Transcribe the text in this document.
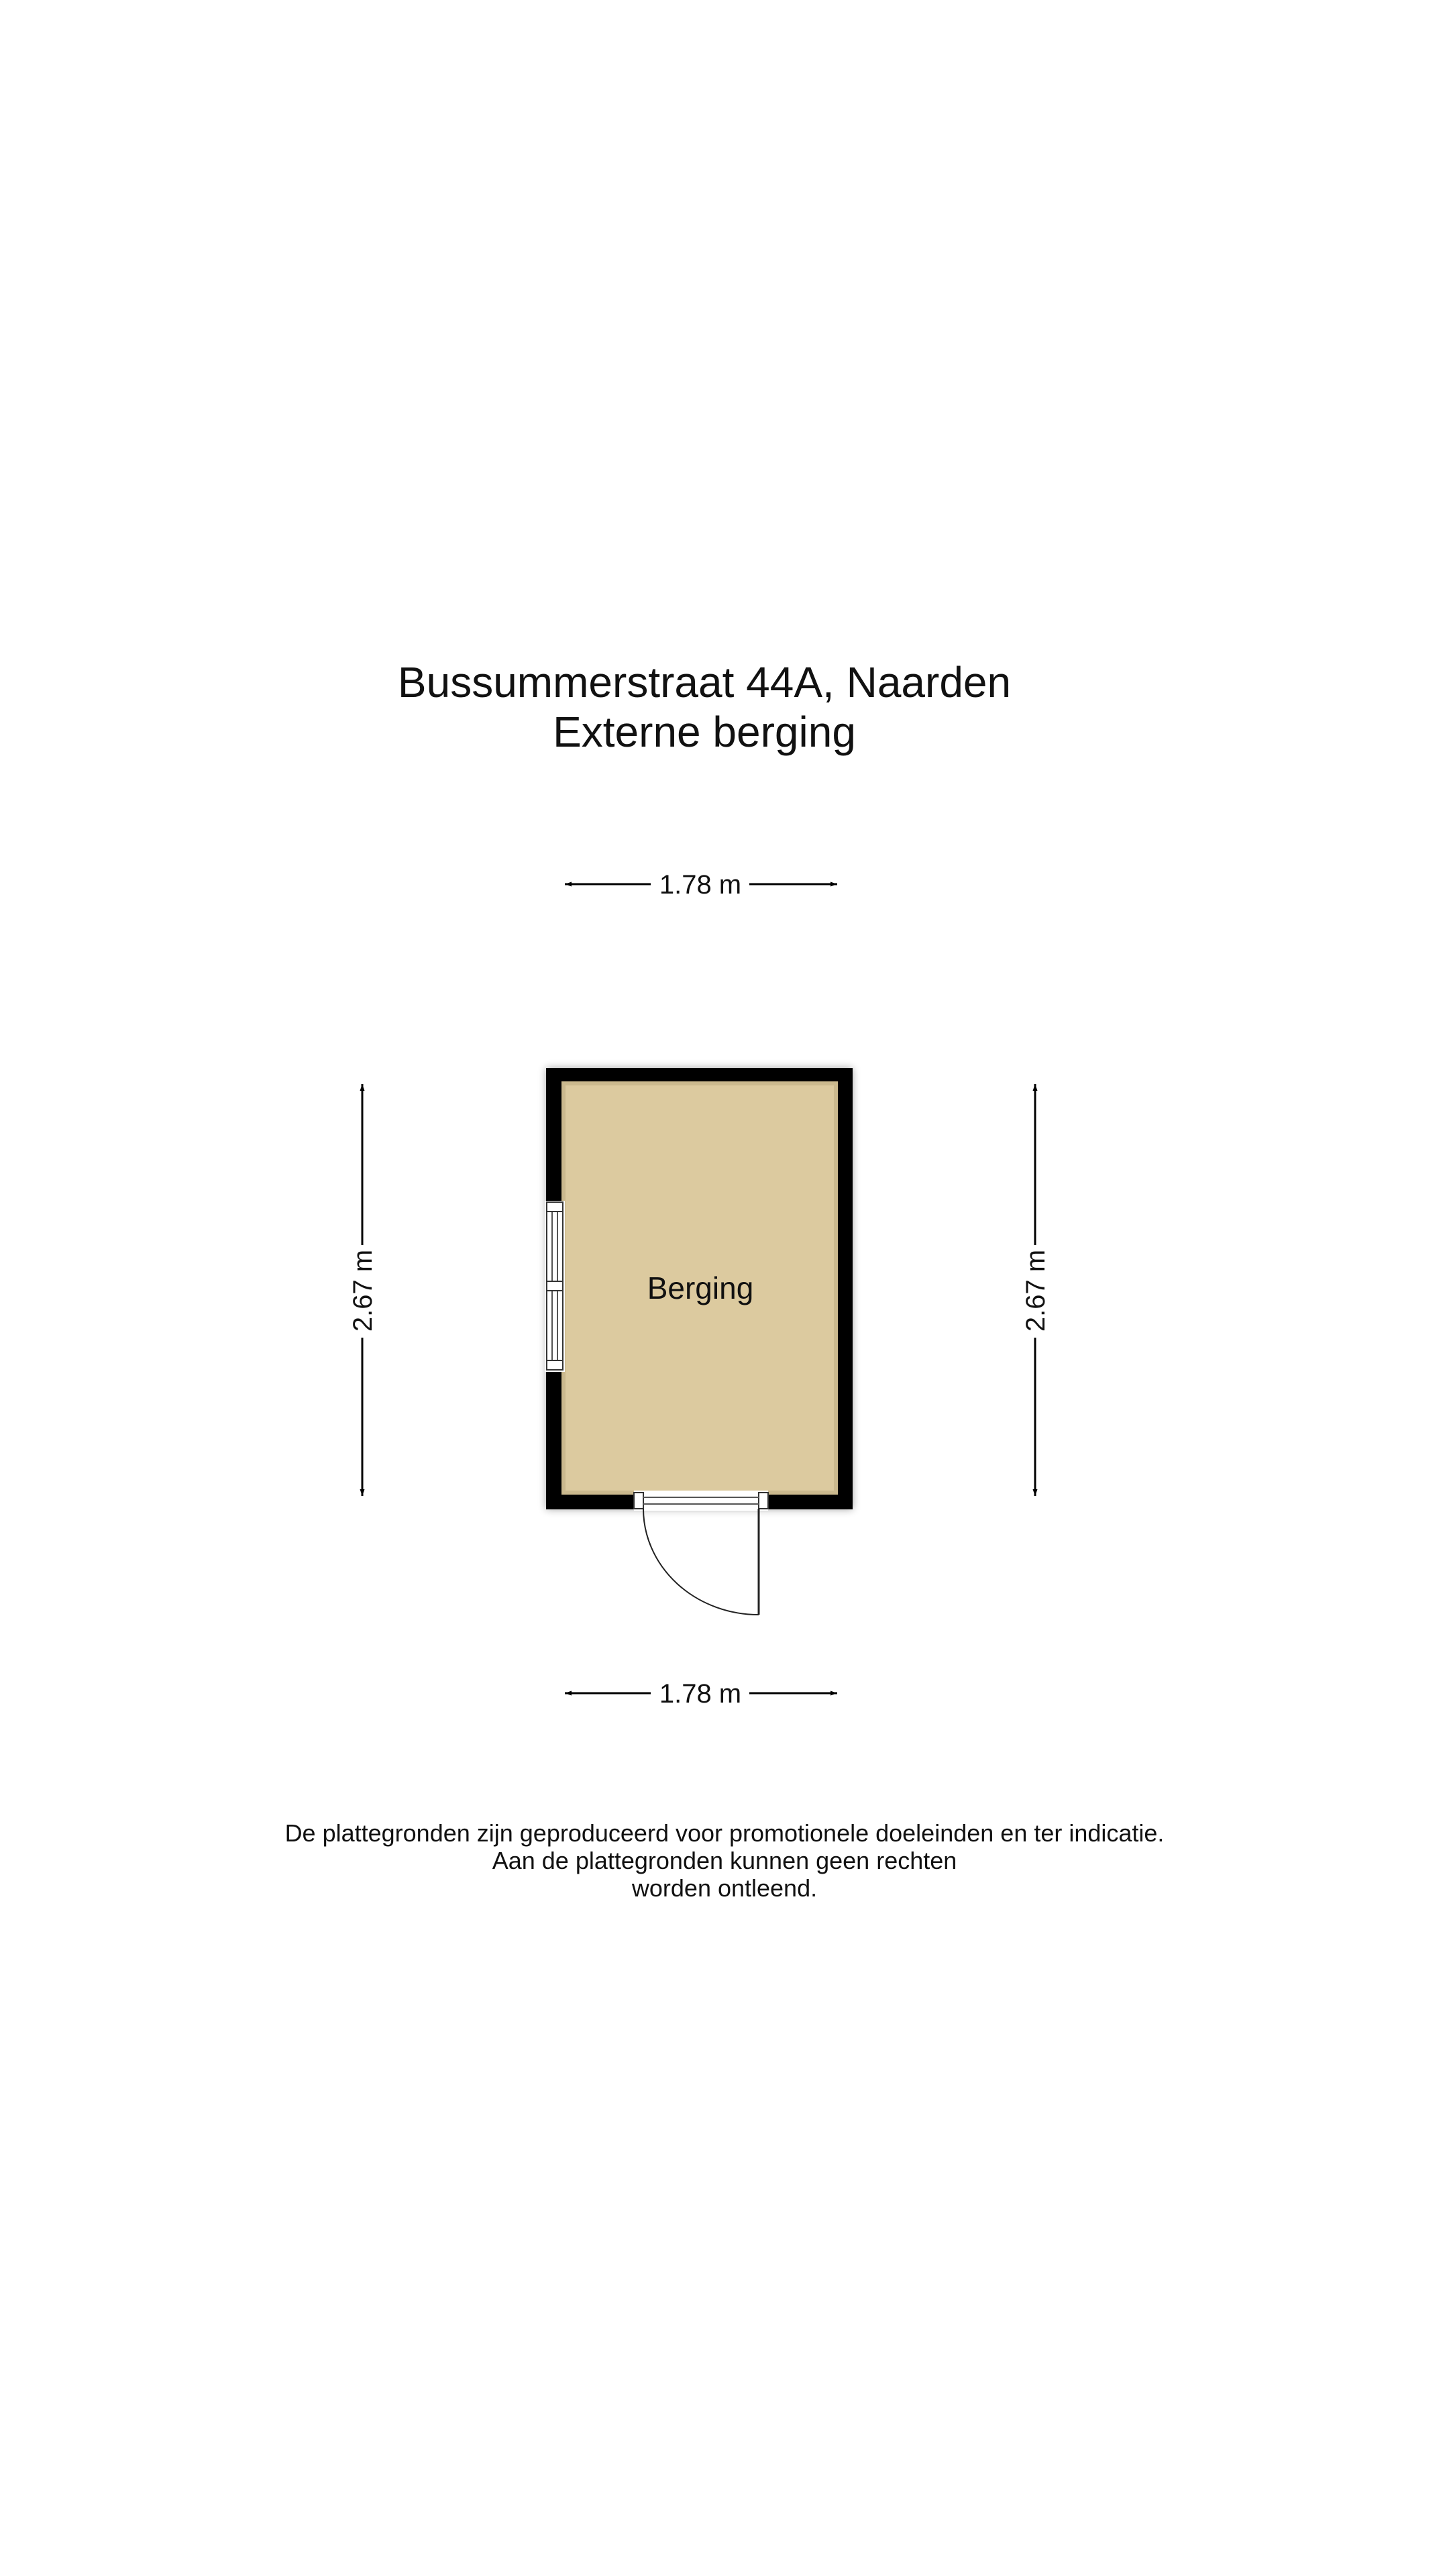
Bussummerstraat 44A, Naarden
Externe berging
1.78 m
1.78 m
2.67 m	2.67 m
Berging
De plattegronden zijn geproduceerd voor promotionele doeleinden en ter indicatie.
Aan de plattegronden kunnen geen rechten
worden ontleend.
